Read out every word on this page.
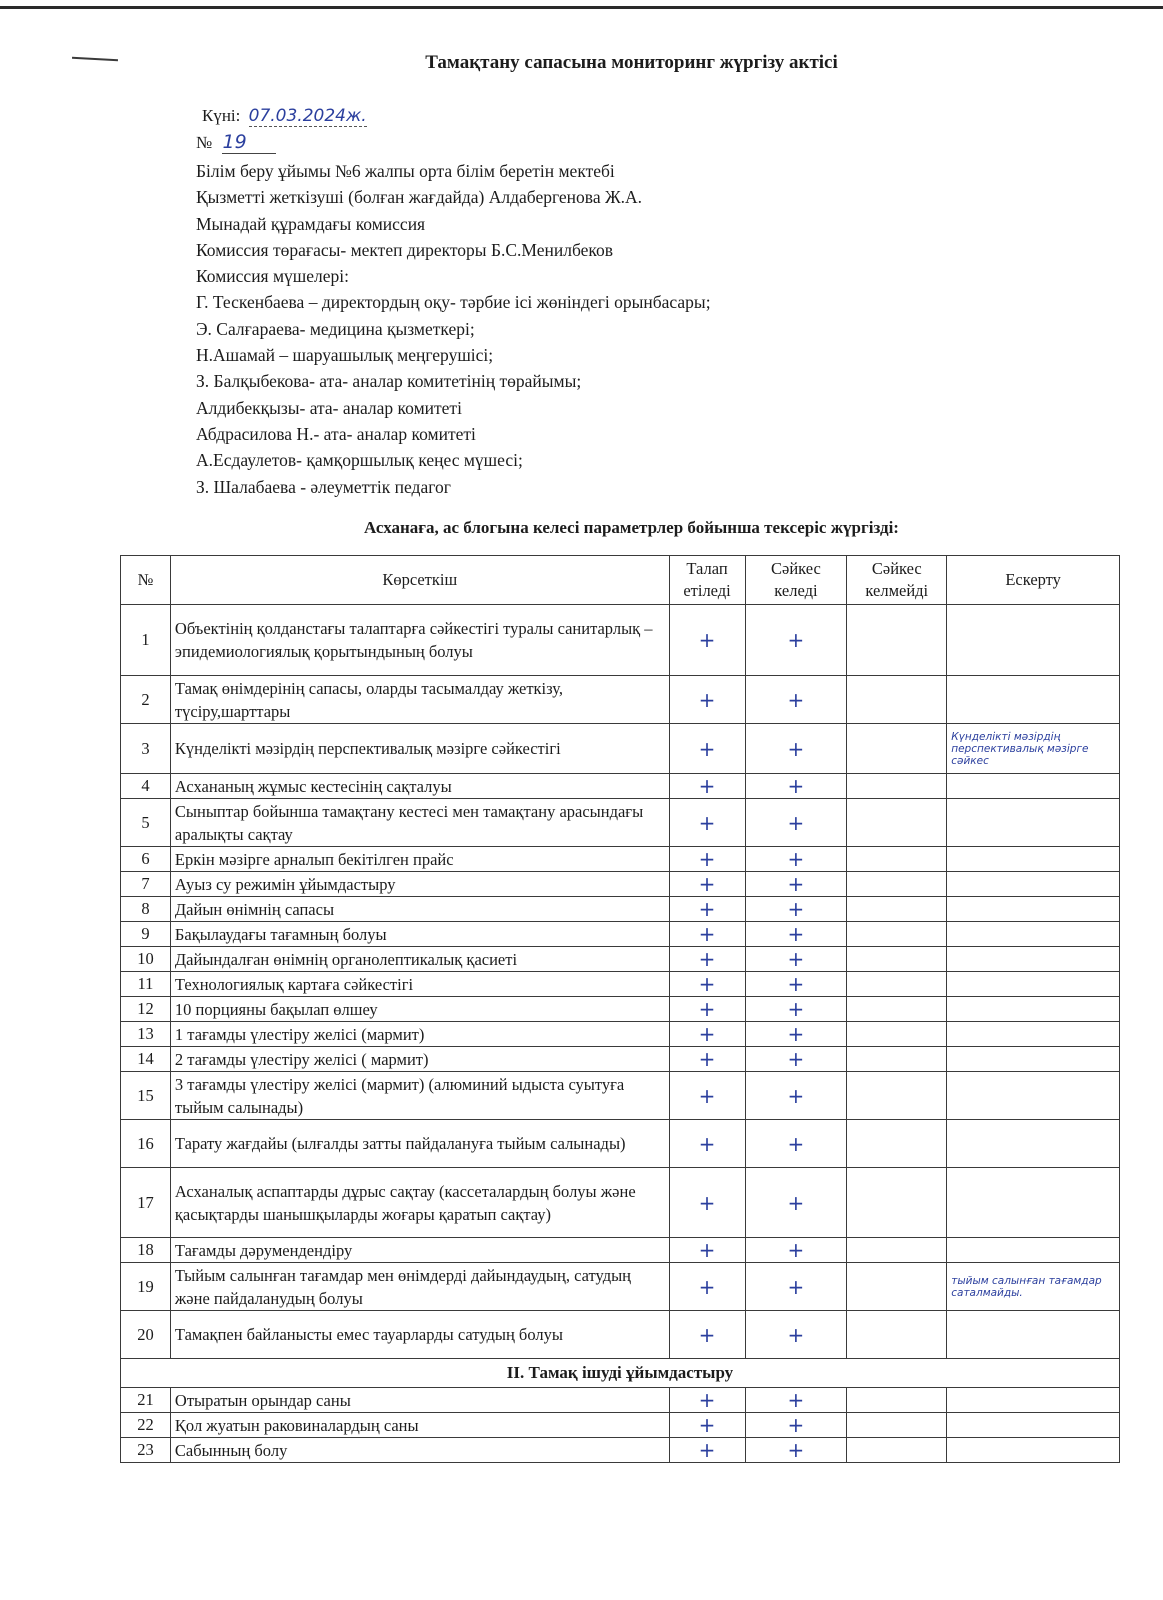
Тамақтану сапасына мониторинг жүргізу актісі
Күні: 07.03.2024ж.
№ 19
Білім беру ұйымы №6 жалпы орта білім беретін мектебі
Қызметті жеткізуші (болған жағдайда) Алдабергенова Ж.А.
Мынадай құрамдағы комиссия
Комиссия төрағасы- мектеп директоры Б.С.Менилбеков
Комиссия мүшелері:
Г. Тескенбаева – директордың оқу- тәрбие ісі жөніндегі орынбасары;
Э. Салғараева- медицина қызметкері;
Н.Ашамай – шаруашылық меңгерушісі;
З. Балқыбекова- ата- аналар комитетінің төрайымы;
Алдибекқызы- ата- аналар комитеті
Абдрасилова Н.- ата- аналар комитеті
А.Есдаулетов- қамқоршылық кеңес мүшесі;
З. Шалабаева - әлеуметтік педагог
Асханаға, ас блогына келесі параметрлер бойынша тексеріс жүргізді:
№	Көрсеткіш	Талап етіледі	Сәйкес келеді	Сәйкес келмейді	Ескерту
1	Объектінің қолданстағы талаптарға сәйкестігі туралы санитарлық – эпидемиологиялық қорытындының болуы	+	+		
2	Тамақ өнімдерінің сапасы, оларды тасымалдау жеткізу, түсіру,шарттары	+	+		
3	Күнделікті мәзірдің перспективалық мәзірге сәйкестігі	+	+		Күнделікті мәзірдің перспективалық мәзірге сәйкес
4	Асхананың жұмыс кестесінің сақталуы	+	+		
5	Сыныптар бойынша тамақтану кестесі мен тамақтану арасындағы аралықты сақтау	+	+		
6	Еркін мәзірге арналып бекітілген прайс	+	+		
7	Ауыз су режимін ұйымдастыру	+	+		
8	Дайын өнімнің сапасы	+	+		
9	Бақылаудағы тағамның болуы	+	+		
10	Дайындалған өнімнің органолептикалық қасиеті	+	+		
11	Технологиялық картаға сәйкестігі	+	+		
12	10 порцияны бақылап өлшеу	+	+		
13	1 тағамды үлестіру желісі (мармит)	+	+		
14	2 тағамды үлестіру желісі ( мармит)	+	+		
15	3 тағамды үлестіру желісі (мармит) (алюминий ыдыста суытуға тыйым салынады)	+	+		
16	Тарату жағдайы (ылғалды затты пайдалануға тыйым салынады)	+	+		
17	Асханалық аспаптарды дұрыс сақтау (кассеталардың болуы және қасықтарды шанышқыларды жоғары қаратып сақтау)	+	+		
18	Тағамды дәрумендендіру	+	+		
19	Тыйым салынған тағамдар мен өнімдерді дайындаудың, сатудың және пайдаланудың болуы	+	+		тыйым салынған тағамдар саталмайды.
20	Тамақпен байланысты емес тауарларды сатудың болуы	+	+		
II. Тамақ ішуді ұйымдастыру					
21	Отыратын орындар саны	+	+		
22	Қол жуатын раковиналардың саны	+	+		
23	Сабынның болу	+	+		
